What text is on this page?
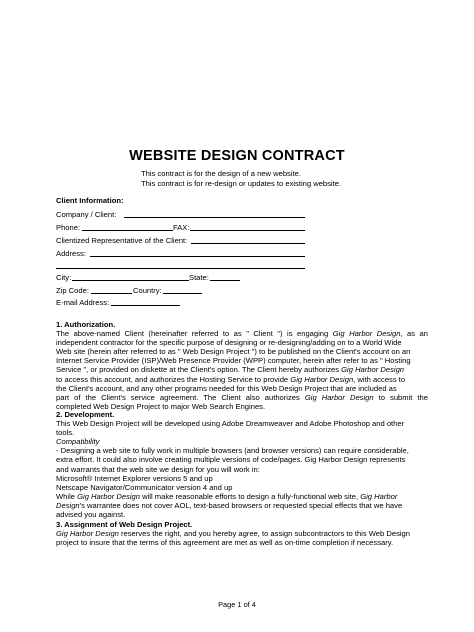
WEBSITE DESIGN CONTRACT
This contract is for the design of a new website.
This contract is for re-design or updates to existing website.
Client Information:
Company / Client:
Phone:	FAX:
Clientized Representative of the Client:
Address:
City:	State:
Zip Code:	Country:
E-mail Address:
1. Authorization.
The above-named Client (hereinafter referred to as " Client ") is engaging Gig Harbor Design, as an
independent contractor for the specific purpose of designing or re-designing/adding on to a World Wide
Web site (herein after referred to as " Web Design Project ") to be published on the Client's account on an
Internet Service Provider (ISP)/Web Presence Provider (WPP) computer, herein after refer to as " Hosting
Service ", or provided on diskette at the Client's option. The Client hereby authorizes Gig Harbor Design
to access this account, and authorizes the Hosting Service to provide Gig Harbor Design, with access to
the Client's account, and any other programs needed for this Web Design Project that are included as
part of the Client's service agreement. The Client also authorizes Gig Harbor Design to submit the
completed Web Design Project to major Web Search Engines.
2. Development.
This Web Design Project will be developed using Adobe Dreamweaver and Adobe Photoshop and other
tools.
Compatibility
- Designing a web site to fully work in multiple browsers (and browser versions) can require considerable,
extra effort. It could also involve creating multiple versions of code/pages. Gig Harbor Design represents
and warrants that the web site we design for you will work in:
Microsoft® Internet Explorer versions 5 and up
Netscape Navigator/Communicator version 4 and up
While Gig Harbor Design will make reasonable efforts to design a fully-functional web site, Gig Harbor
Design's warrantee does not cover AOL, text-based browsers or requested special effects that we have
advised you against.
3. Assignment of Web Design Project.
Gig Harbor Design reserves the right, and you hereby agree, to assign subcontractors to this Web Design
project to insure that the terms of this agreement are met as well as on-time completion if necessary.
Page 1 of 4
